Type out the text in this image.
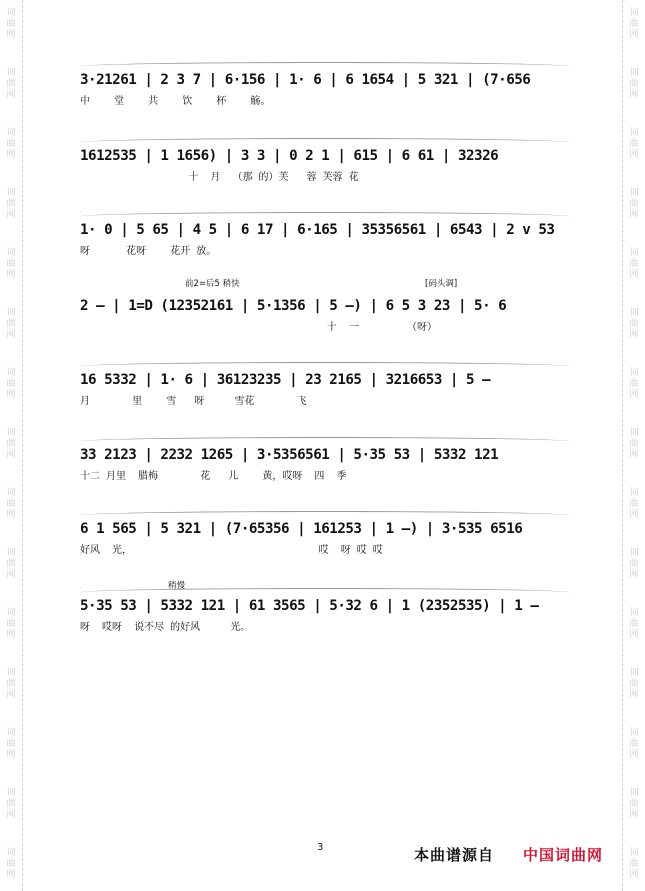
词
曲
网
词
曲
网
词
曲
网
词
曲
网
词
曲
网
词
曲
网
词
曲
网
词
曲
网
词
曲
网
词
曲
网
词
曲
网
词
曲
网
词
曲
网
词
曲
网
词
曲
网
词
曲
网
词
曲
网
词
曲
网
词
曲
网
词
曲
网
词
曲
网
词
曲
网
词
曲
网
词
曲
网
词
曲
网
词
曲
网
词
曲
网
词
曲
网
词
曲
网
词
曲
网
3·21261 | 2 3 7 | 6·156 | 1· 6 | 6 1654 | 5 321 | (7·656
中    堂    共    饮    杯    觞。
1612535 | 1 1656) | 3 3 | 0 2 1 | 615 | 6 61 | 32326
十  月  （那 的）芙   蓉 芙蓉 花
1· 0 | 5 65 | 4 5 | 6 17 | 6·165 | 35356561 | 6543 | 2 v 53
呀      花呀    花开 放。
前2=后5 稍快	[码头调]
2 — | 1=D (12352161 | 5·1356 | 5 —) | 6 5 3 23 | 5· 6
十  一        （呀）
16 5332 | 1· 6 | 36123235 | 23 2165 | 3216653 | 5 —
月       里    雪   呀     雪花       飞
33 2123 | 2232 1265 | 3·5356561 | 5·35 53 | 5332 121
十二 月里  腊梅       花   儿    黄，哎呀  四  季
6 1 565 | 5 321 | (7·65356 | 161253 | 1 —) | 3·535 6516
好风  光，                               哎  呀 哎 哎
稍慢
5·35 53 | 5332 121 | 61 3565 | 5·32 6 | 1 (2352535) | 1 —
呀  哎呀  说不尽 的好风     光。
3	本曲谱源自 中国词曲网
